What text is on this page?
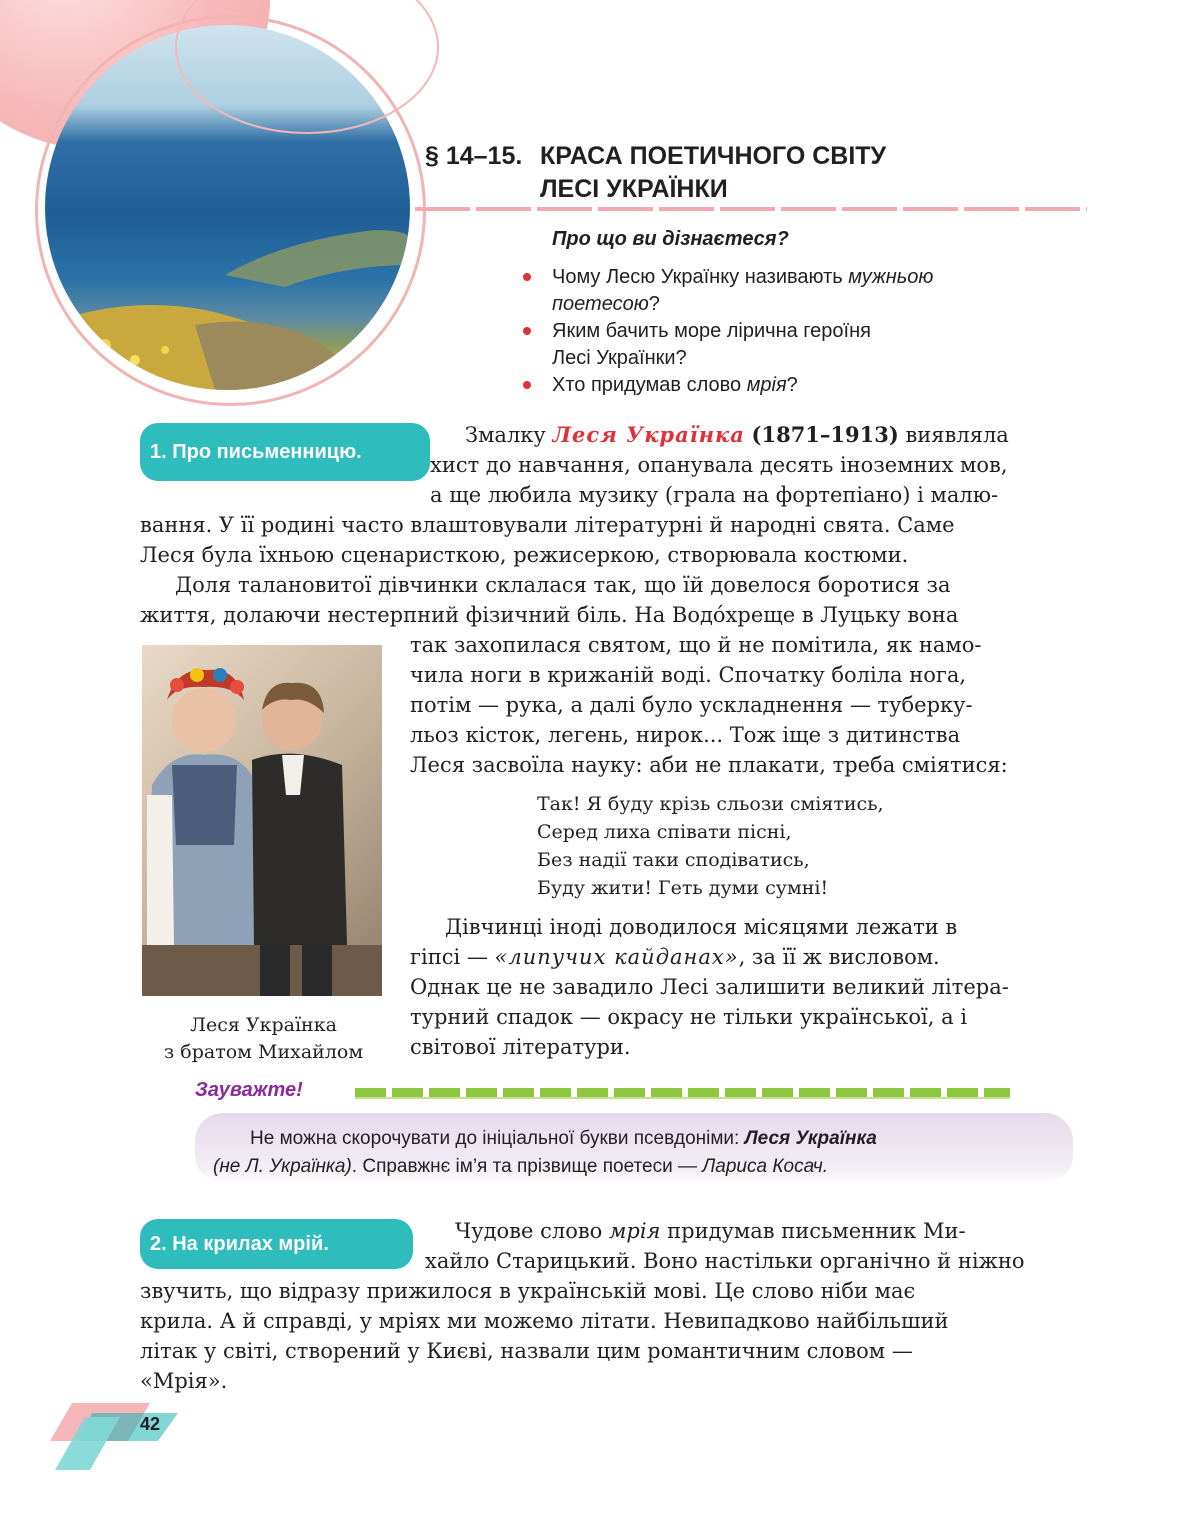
§ 14–15. КРАСА ПОЕТИЧНОГО СВІТУ
ЛЕСІ УКРАЇНКИ
Про що ви дізнаєтеся?
Чому Лесю Українку називають мужньою
поетесою?
Яким бачить море лірична героїня
Лесі Українки?
Хто придумав слово мрія?
1. Про письменницю.
Змалку Леся Українка (1871–1913) виявляла
хист до навчання, опанувала десять іноземних мов,
а ще любила музику (грала на фортепіано) і малю-
вання. У її родині часто влаштовували літературні й народні свята. Саме
Леся була їхньою сценаристкою, режисеркою, створювала костюми.
Доля талановитої дівчинки склалася так, що їй довелося боротися за
життя, долаючи нестерпний фізичний біль. На Водóхреще в Луцьку вона
так захопилася святом, що й не помітила, як намо-
чила ноги в крижаній воді. Спочатку боліла нога,
потім — рука, а далі було ускладнення — туберку-
льоз кісток, легень, нирок... Тож іще з дитинства
Леся засвоїла науку: аби не плакати, треба сміятися:
Леся Українка
з братом Михайлом
Так! Я буду крізь сльози сміятись,
Серед лиха співати пісні,
Без надії таки сподіватись,
Буду жити! Геть думи сумні!
Дівчинці іноді доводилося місяцями лежати в
гіпсі — «липучих кайданах», за її ж висловом.
Однак це не завадило Лесі залишити великий літера-
турний спадок — окрасу не тільки української, а і
світової літератури.
Зауважте!
Не можна скорочувати до ініціальної букви псевдоніми: Леся Українка
(не Л. Українка). Справжнє ім’я та прізвище поетеси — Лариса Косач.
2. На крилах мрій.
Чудове слово мрія придумав письменник Ми-
хайло Старицький. Воно настільки органічно й ніжно
звучить, що відразу прижилося в українській мові. Це слово ніби має
крила. А й справді, у мріях ми можемо літати. Невипадково найбільший
літак у світі, створений у Києві, назвали цим романтичним словом —
«Мрія».
42
